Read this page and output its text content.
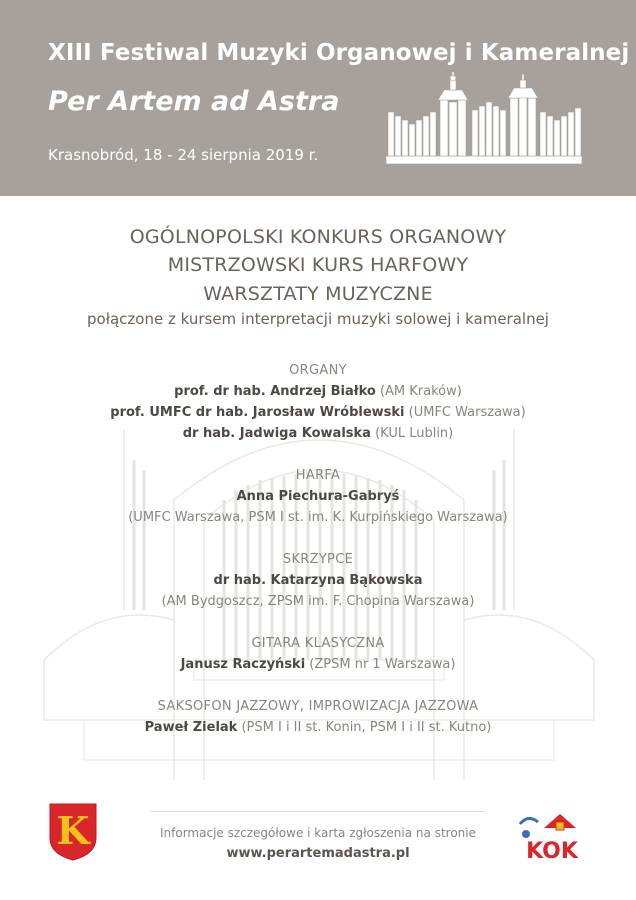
XIII Festiwal Muzyki Organowej i Kameralnej
Per Artem ad Astra
Krasnobród, 18 - 24 sierpnia 2019 r.
OGÓLNOPOLSKI KONKURS ORGANOWY
MISTRZOWSKI KURS HARFOWY
WARSZTATY MUZYCZNE
połączone z kursem interpretacji muzyki solowej i kameralnej
ORGANY
prof. dr hab. Andrzej Białko (AM Kraków)
prof. UMFC dr hab. Jarosław Wróblewski (UMFC Warszawa)
dr hab. Jadwiga Kowalska (KUL Lublin)
HARFA
Anna Piechura-Gabryś
(UMFC Warszawa, PSM I st. im. K. Kurpińskiego Warszawa)
SKRZYPCE
dr hab. Katarzyna Bąkowska
(AM Bydgoszcz, ZPSM im. F. Chopina Warszawa)
GITARA KLASYCZNA
Janusz Raczyński (ZPSM nr 1 Warszawa)
SAKSOFON JAZZOWY, IMPROWIZACJA JAZZOWA
Paweł Zielak (PSM I i II st. Konin, PSM I i II st. Kutno)
K	Informacje szczegółowe i karta zgłoszenia na stronie
www.perartemadastra.pl	KOK
